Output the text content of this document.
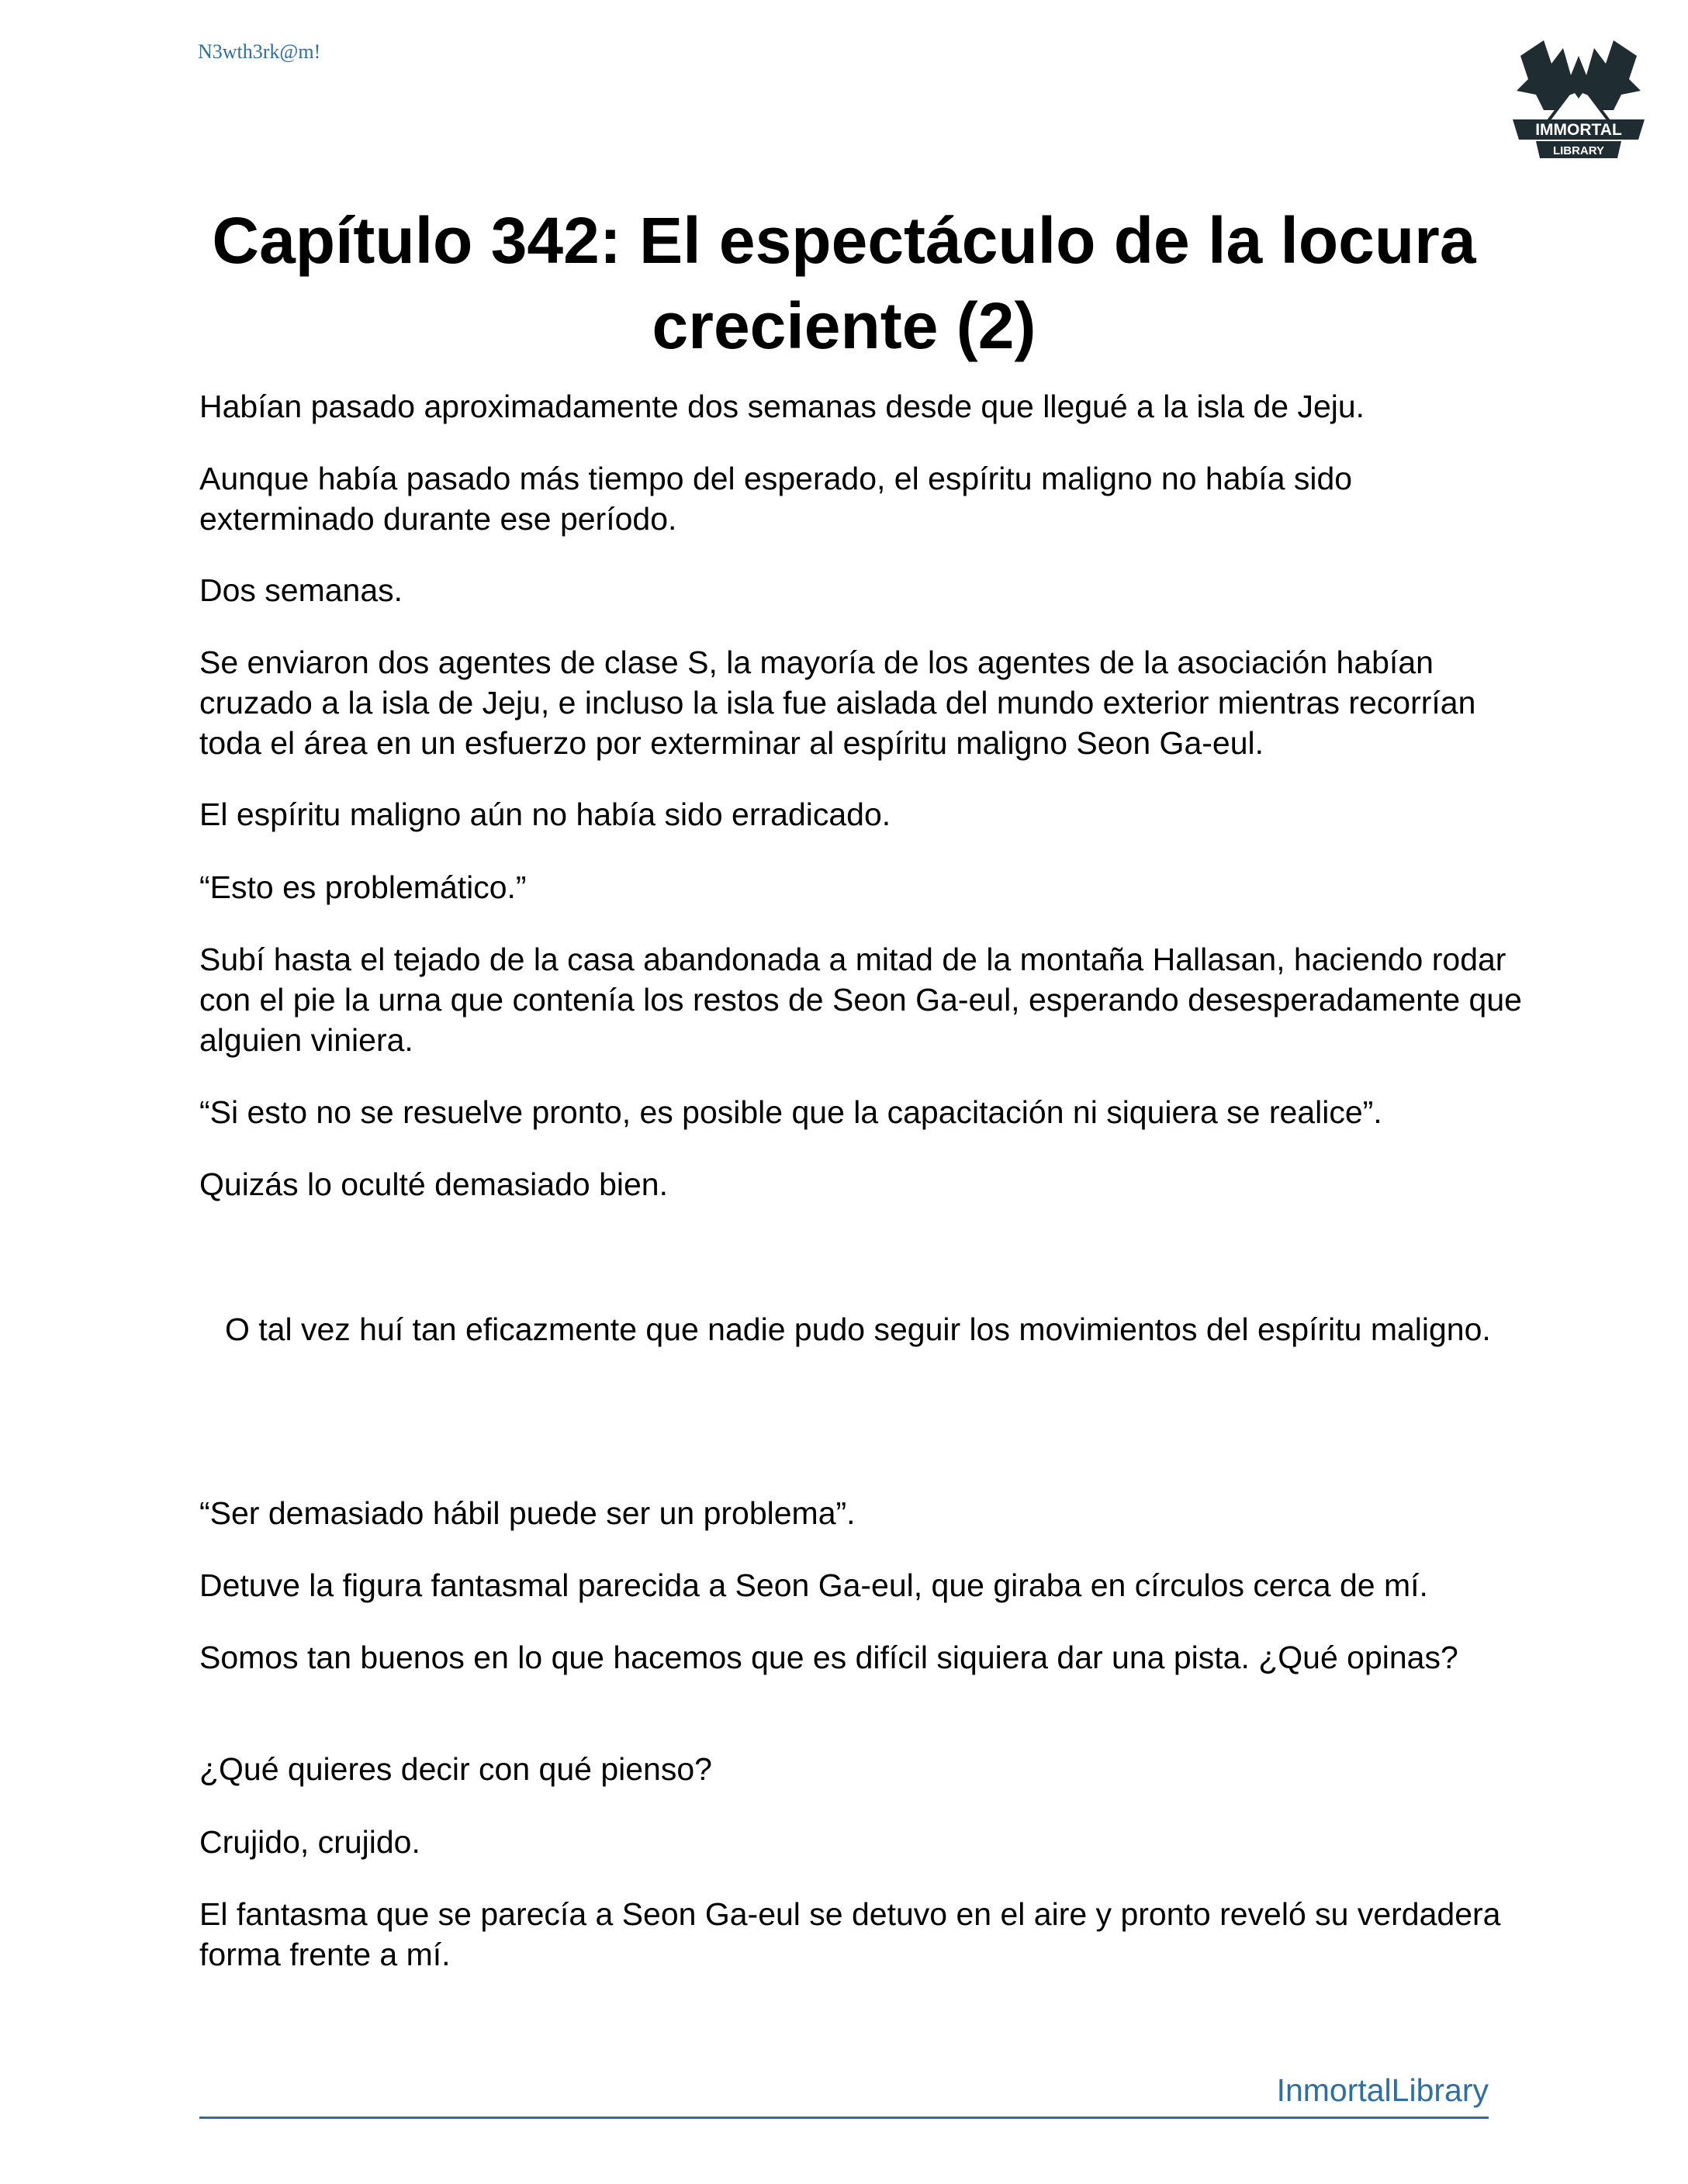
N3wth3rk@m!
IMMORTAL
LIBRARY
Capítulo 342: El espectáculo de la locura creciente (2)

Habían pasado aproximadamente dos semanas desde que llegué a la isla de Jeju.

Aunque había pasado más tiempo del esperado, el espíritu maligno no había sido exterminado durante ese período.

Dos semanas.

Se enviaron dos agentes de clase S, la mayoría de los agentes de la asociación habían cruzado a la isla de Jeju, e incluso la isla fue aislada del mundo exterior mientras recorrían toda el área en un esfuerzo por exterminar al espíritu maligno Seon Ga-eul.

El espíritu maligno aún no había sido erradicado.

“Esto es problemático.”

Subí hasta el tejado de la casa abandonada a mitad de la montaña Hallasan, haciendo rodar con el pie la urna que contenía los restos de Seon Ga-eul, esperando desesperadamente que alguien viniera.

“Si esto no se resuelve pronto, es posible que la capacitación ni siquiera se realice”.

Quizás lo oculté demasiado bien.

O tal vez huí tan eficazmente que nadie pudo seguir los movimientos del espíritu maligno.

“Ser demasiado hábil puede ser un problema”.

Detuve la figura fantasmal parecida a Seon Ga-eul, que giraba en círculos cerca de mí.

Somos tan buenos en lo que hacemos que es difícil siquiera dar una pista. ¿Qué opinas?

¿Qué quieres decir con qué pienso?

Crujido, crujido.

El fantasma que se parecía a Seon Ga-eul se detuvo en el aire y pronto reveló su verdadera forma frente a mí.

InmortalLibrary
